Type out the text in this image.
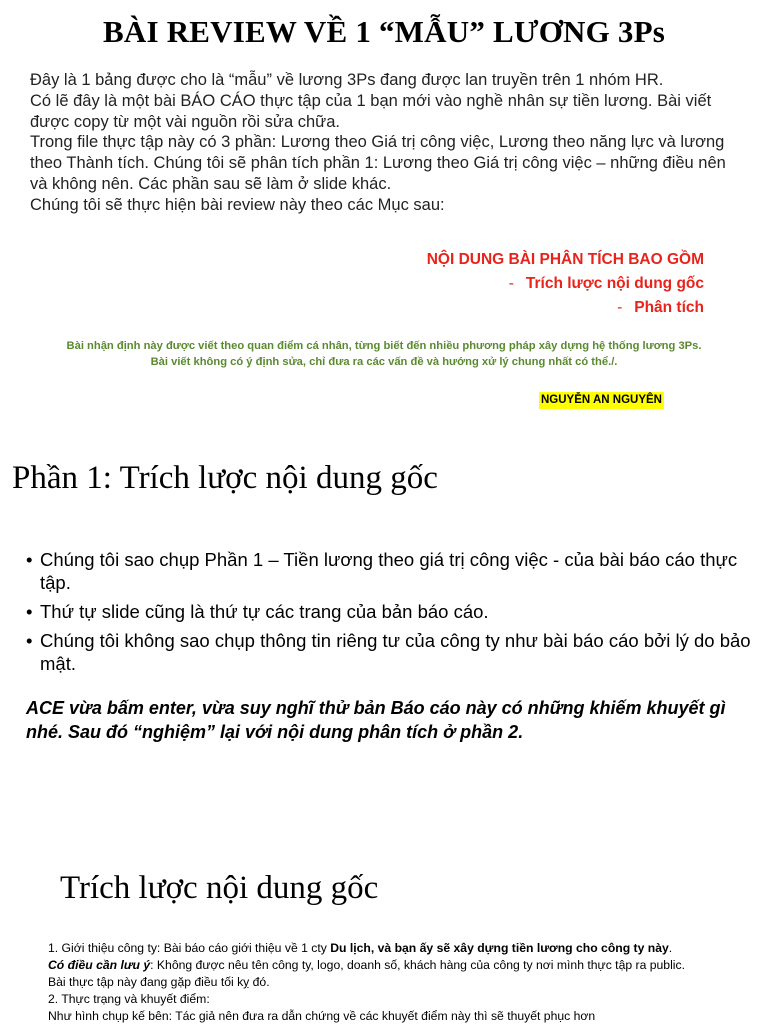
BÀI REVIEW VỀ 1 “MẪU” LƯƠNG 3Ps

Đây là 1 bảng được cho là “mẫu” về lương 3Ps đang được lan truyền trên 1 nhóm HR.

Có lẽ đây là một bài BÁO CÁO thực tập của 1 bạn mới vào nghề nhân sự tiền lương. Bài viết được copy từ một vài nguồn rồi sửa chữa.

Trong file thực tập này có 3 phần: Lương theo Giá trị công việc, Lương theo năng lực và lương theo Thành tích. Chúng tôi sẽ phân tích phần 1: Lương theo Giá trị công việc – những điều nên và không nên. Các phần sau sẽ làm ở slide khác.

Chúng tôi sẽ thực hiện bài review này theo các Mục sau:

NỘI DUNG BÀI PHÂN TÍCH BAO GỒM
- Trích lược nội dung gốc
- Phân tích
Bài nhận định này được viết theo quan điểm cá nhân, từng biết đến nhiều phương pháp xây dựng hệ thống lương 3Ps.
Bài viết không có ý định sửa, chỉ đưa ra các vấn đề và hướng xử lý chung nhất có thể./.
NGUYỄN AN NGUYÊN
Phần 1: Trích lược nội dung gốc
• Chúng tôi sao chụp Phần 1 – Tiền lương theo giá trị công việc - của bài báo cáo thực tập.
• Thứ tự slide cũng là thứ tự các trang của bản báo cáo.
• Chúng tôi không sao chụp thông tin riêng tư của công ty như bài báo cáo bởi lý do bảo mật.
ACE vừa bấm enter, vừa suy nghĩ thử bản Báo cáo này có những khiếm khuyết gì nhé. Sau đó “nghiệm” lại với nội dung phân tích ở phần 2.
Trích lược nội dung gốc
1. Giới thiệu công ty: Bài báo cáo giới thiệu về 1 cty Du lịch, và bạn ấy sẽ xây dựng tiền lương cho công ty này.
Có điều cần lưu ý: Không được nêu tên công ty, logo, doanh số, khách hàng của công ty nơi mình thực tập ra public.
Bài thực tập này đang gặp điều tối kỵ đó.
2. Thực trạng và khuyết điểm:
Như hình chụp kế bên: Tác giả nên đưa ra dẫn chứng về các khuyết điểm này thì sẽ thuyết phục hơn
